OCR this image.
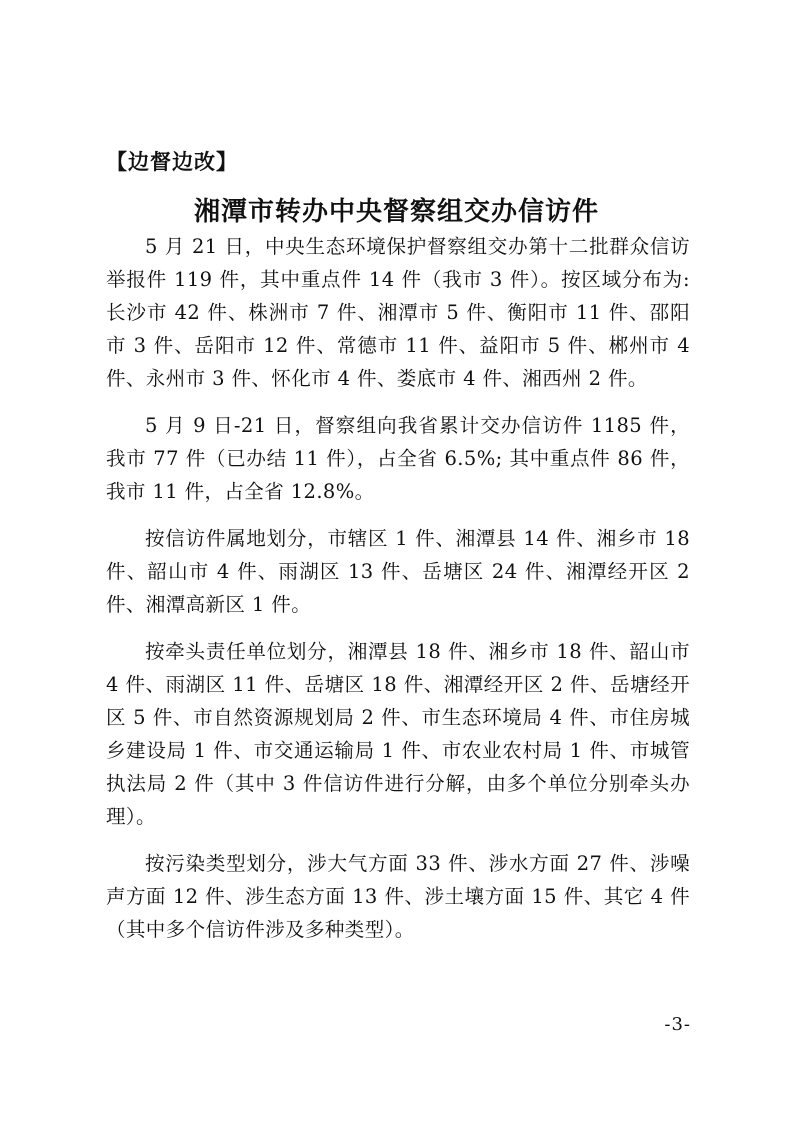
【边督边改】
湘潭市转办中央督察组交办信访件

5 月 21 日，中央生态环境保护督察组交办第十二批群众信访举报件 119 件，其中重点件 14 件（我市 3 件）。按区域分布为:长沙市 42 件、株洲市 7 件、湘潭市 5 件、衡阳市 11 件、邵阳市 3 件、岳阳市 12 件、常德市 11 件、益阳市 5 件、郴州市 4 件、永州市 3 件、怀化市 4 件、娄底市 4 件、湘西州 2 件。

5 月 9 日-21 日，督察组向我省累计交办信访件 1185 件，我市 77 件（已办结 11 件），占全省 6.5%; 其中重点件 86 件，我市 11 件，占全省 12.8%。

按信访件属地划分，市辖区 1 件、湘潭县 14 件、湘乡市 18 件、韶山市 4 件、雨湖区 13 件、岳塘区 24 件、湘潭经开区 2 件、湘潭高新区 1 件。

按牵头责任单位划分，湘潭县 18 件、湘乡市 18 件、韶山市 4 件、雨湖区 11 件、岳塘区 18 件、湘潭经开区 2 件、岳塘经开区 5 件、市自然资源规划局 2 件、市生态环境局 4 件、市住房城乡建设局 1 件、市交通运输局 1 件、市农业农村局 1 件、市城管执法局 2 件（其中 3 件信访件进行分解，由多个单位分别牵头办理）。

按污染类型划分，涉大气方面 33 件、涉水方面 27 件、涉噪声方面 12 件、涉生态方面 13 件、涉土壤方面 15 件、其它 4 件（其中多个信访件涉及多种类型）。

-3-
